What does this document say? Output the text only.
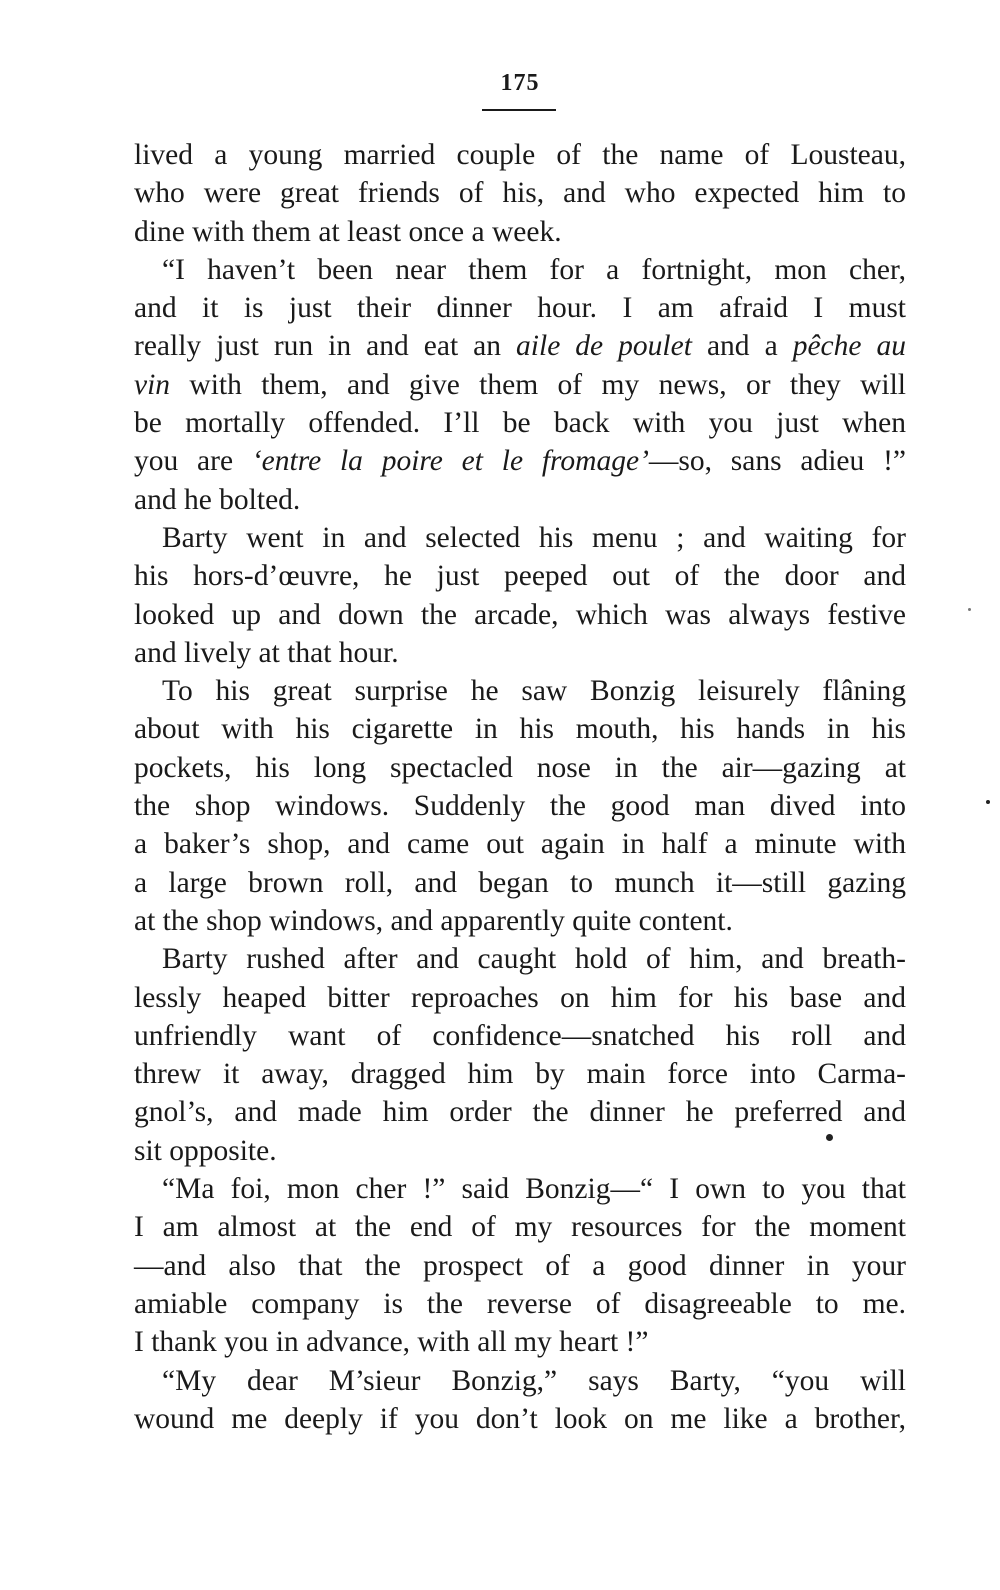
175
lived a young married couple of the name of Lousteau,
who were great friends of his, and who expected him to
dine with them at least once a week.
“I haven’t been near them for a fortnight, mon cher,
and it is just their dinner hour. I am afraid I must
really just run in and eat an aile de poulet and a pêche au
vin with them, and give them of my news, or they will
be mortally offended. I’ll be back with you just when
you are ‘entre la poire et le fromage’—so, sans adieu !”
and he bolted.
Barty went in and selected his menu ; and waiting for
his hors-d’œuvre, he just peeped out of the door and
looked up and down the arcade, which was always festive
and lively at that hour.
To his great surprise he saw Bonzig leisurely flâning
about with his cigarette in his mouth, his hands in his
pockets, his long spectacled nose in the air—gazing at
the shop windows. Suddenly the good man dived into
a baker’s shop, and came out again in half a minute with
a large brown roll, and began to munch it—still gazing
at the shop windows, and apparently quite content.
Barty rushed after and caught hold of him, and breath-
lessly heaped bitter reproaches on him for his base and
unfriendly want of confidence—snatched his roll and
threw it away, dragged him by main force into Carma-
gnol’s, and made him order the dinner he preferred and
sit opposite.
“Ma foi, mon cher !” said Bonzig—“ I own to you that
I am almost at the end of my resources for the moment
—and also that the prospect of a good dinner in your
amiable company is the reverse of disagreeable to me.
I thank you in advance, with all my heart !”
“My dear M’sieur Bonzig,” says Barty, “you will
wound me deeply if you don’t look on me like a brother,
